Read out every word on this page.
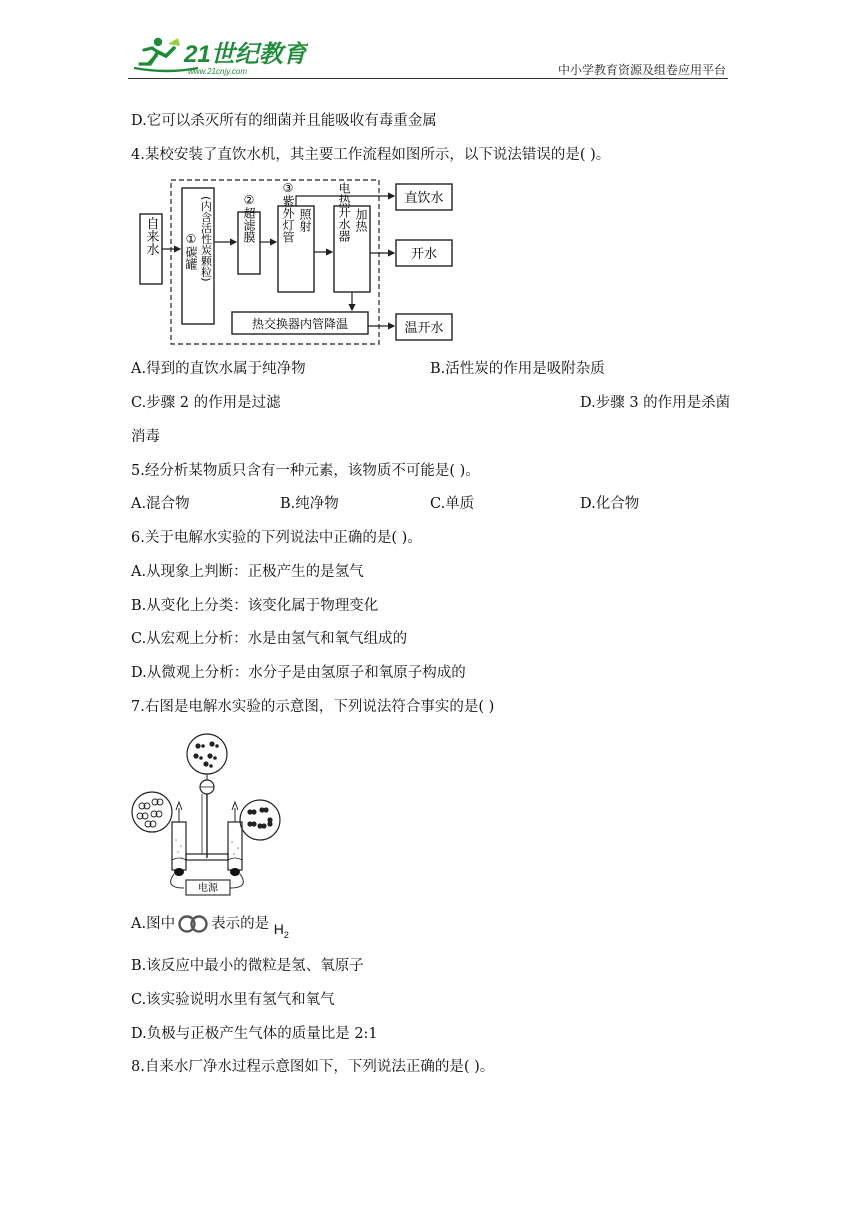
21世纪教育
www.21cnjy.com	中小学教育资源及组卷应用平台
D.它可以杀灭所有的细菌并且能吸收有毒重金属
4.某校安装了直饮水机，其主要工作流程如图所示，以下说法错误的是( )。
自来水	(内含活性炭颗粒)
①碳罐
②超滤膜 ③紫外灯管 照射 电热开水器 加热
热交换器内管降温
直饮水
开水
温开水
A.得到的直饮水属于纯净物	B.活性炭的作用是吸附杂质
C.步骤 2 的作用是过滤	D.步骤 3 的作用是杀菌
消毒
5.经分析某物质只含有一种元素，该物质不可能是( )。
A.混合物	B.纯净物	C.单质	D.化合物
6.关于电解水实验的下列说法中正确的是( )。
A.从现象上判断：正极产生的是氢气
B.从变化上分类：该变化属于物理变化
C.从宏观上分析：水是由氢气和氧气组成的
D.从微观上分析：水分子是由氢原子和氧原子构成的
7.右图是电解水实验的示意图，下列说法符合事实的是( )
电源
A.图中 表示的是 $H_2$
B.该反应中最小的微粒是氢、氧原子
C.该实验说明水里有氢气和氧气
D.负极与正极产生气体的质量比是 2:1
8.自来水厂净水过程示意图如下，下列说法正确的是( )。
